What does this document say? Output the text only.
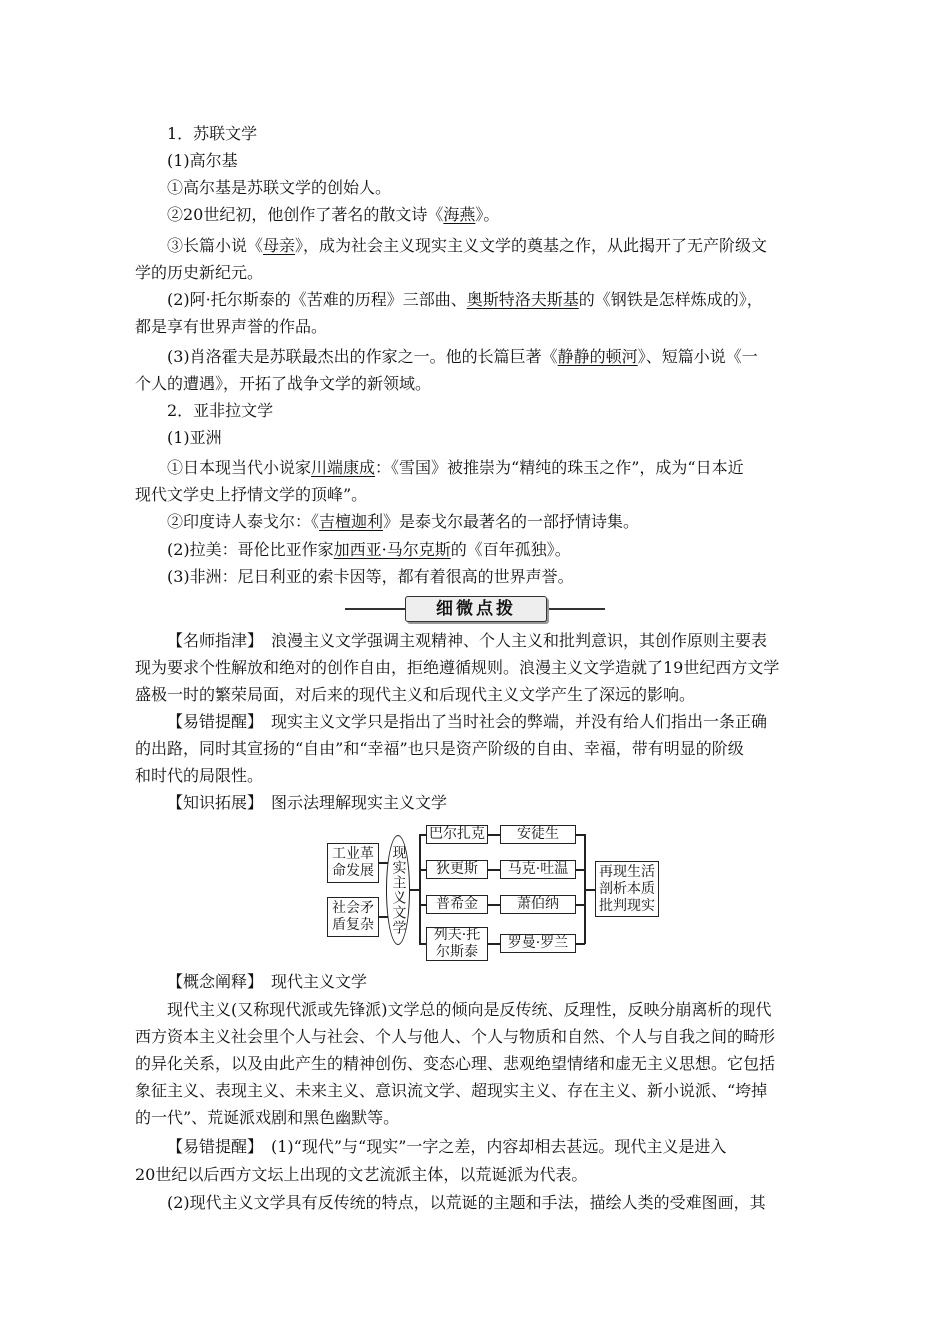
1．苏联文学
(1)高尔基
①高尔基是苏联文学的创始人。
②20世纪初，他创作了著名的散文诗《海燕》。
③长篇小说《母亲》，成为社会主义现实主义文学的奠基之作，从此揭开了无产阶级文
学的历史新纪元。
(2)阿·托尔斯泰的《苦难的历程》三部曲、奥斯特洛夫斯基的《钢铁是怎样炼成的》，
都是享有世界声誉的作品。
(3)肖洛霍夫是苏联最杰出的作家之一。他的长篇巨著《静静的顿河》、短篇小说《一
个人的遭遇》，开拓了战争文学的新领域。
2．亚非拉文学
(1)亚洲
①日本现当代小说家川端康成：《雪国》被推崇为“精纯的珠玉之作”，成为“日本近
现代文学史上抒情文学的顶峰”。
②印度诗人泰戈尔：《吉檀迦利》是泰戈尔最著名的一部抒情诗集。
(2)拉美：哥伦比亚作家加西亚·马尔克斯的《百年孤独》。
(3)非洲：尼日利亚的索卡因等，都有着很高的世界声誉。
细微点拨
【名师指津】　浪漫主义文学强调主观精神、个人主义和批判意识，其创作原则主要表
现为要求个性解放和绝对的创作自由，拒绝遵循规则。浪漫主义文学造就了19世纪西方文学
盛极一时的繁荣局面，对后来的现代主义和后现代主义文学产生了深远的影响。
【易错提醒】　现实主义文学只是指出了当时社会的弊端，并没有给人们指出一条正确
的出路，同时其宣扬的“自由”和“幸福”也只是资产阶级的自由、幸福，带有明显的阶级
和时代的局限性。
【知识拓展】　图示法理解现实主义文学
工业革
命发展
社会矛
盾复杂 现实主义文学
巴尔扎克
狄更斯
普希金
列夫·托
尔斯泰
安徒生
马克·吐温
萧伯纳
罗曼·罗兰
再现生活
剖析本质
批判现实
【概念阐释】　现代主义文学
现代主义(又称现代派或先锋派)文学总的倾向是反传统、反理性，反映分崩离析的现代
西方资本主义社会里个人与社会、个人与他人、个人与物质和自然、个人与自我之间的畸形
的异化关系，以及由此产生的精神创伤、变态心理、悲观绝望情绪和虚无主义思想。它包括
象征主义、表现主义、未来主义、意识流文学、超现实主义、存在主义、新小说派、“垮掉
的一代”、荒诞派戏剧和黑色幽默等。
【易错提醒】　(1)“现代”与“现实”一字之差，内容却相去甚远。现代主义是进入
20世纪以后西方文坛上出现的文艺流派主体，以荒诞派为代表。
(2)现代主义文学具有反传统的特点，以荒诞的主题和手法，描绘人类的受难图画，其
